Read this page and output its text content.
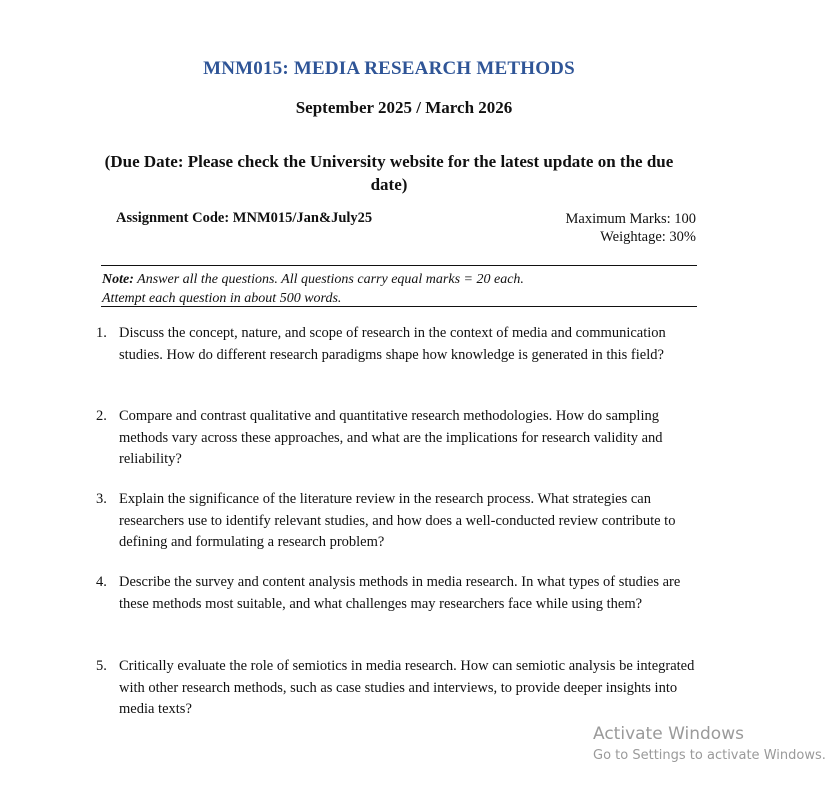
MNM015: MEDIA RESEARCH METHODS
September 2025 / March 2026
(Due Date: Please check the University website for the latest update on the due date)
Assignment Code: MNM015/Jan&July25	Maximum Marks: 100
Weightage: 30%
Note: Answer all the questions. All questions carry equal marks = 20 each. Attempt each question in about 500 words.
1. Discuss the concept, nature, and scope of research in the context of media and communication studies. How do different research paradigms shape how knowledge is generated in this field?
2. Compare and contrast qualitative and quantitative research methodologies. How do sampling methods vary across these approaches, and what are the implications for research validity and reliability?
3. Explain the significance of the literature review in the research process. What strategies can researchers use to identify relevant studies, and how does a well-conducted review contribute to defining and formulating a research problem?
4. Describe the survey and content analysis methods in media research. In what types of studies are these methods most suitable, and what challenges may researchers face while using them?
5. Critically evaluate the role of semiotics in media research. How can semiotic analysis be integrated with other research methods, such as case studies and interviews, to provide deeper insights into media texts?
Activate Windows
Go to Settings to activate Windows.
